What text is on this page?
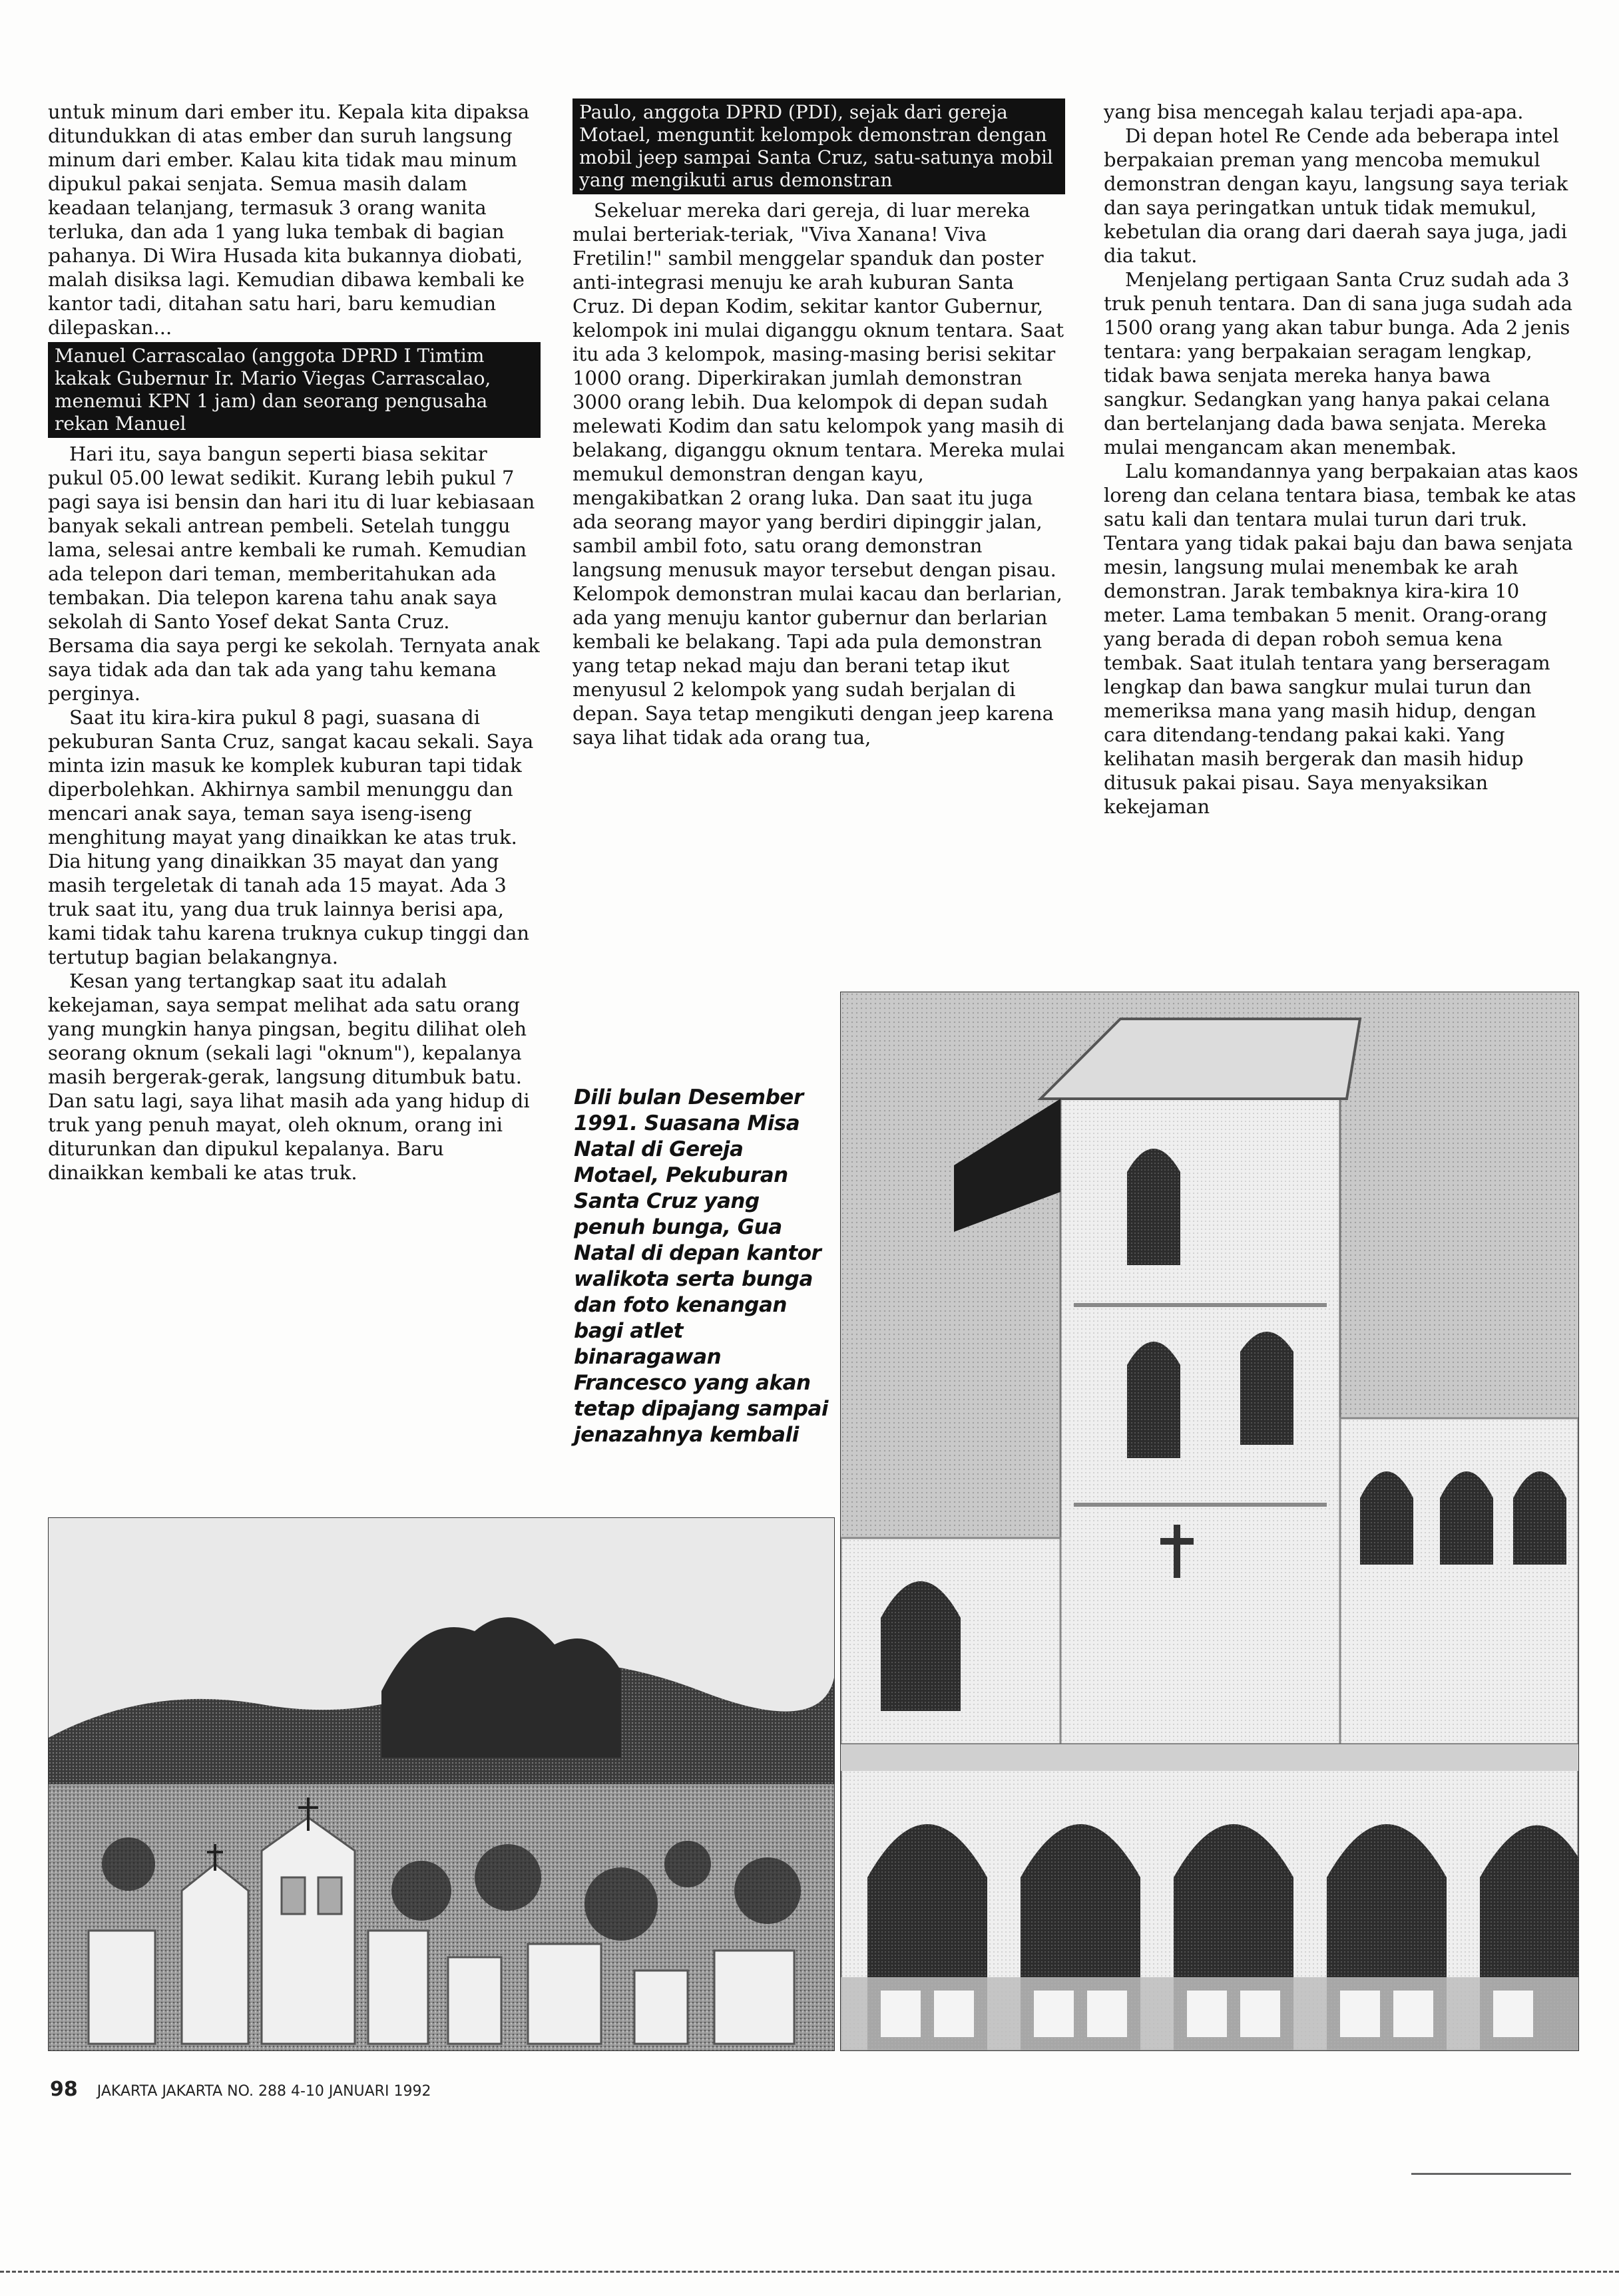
untuk minum dari ember itu. Kepala kita dipaksa ditundukkan di atas ember dan suruh langsung minum dari ember. Kalau kita tidak mau minum dipukul pakai senjata. Semua masih dalam keadaan telanjang, termasuk 3 orang wanita terluka, dan ada 1 yang luka tembak di bagian pahanya. Di Wira Husada kita bukannya diobati, malah disiksa lagi. Kemudian dibawa kembali ke kantor tadi, ditahan satu hari, baru kemudian dilepaskan...

Manuel Carrascalao (anggota DPRD I Timtim kakak Gubernur Ir. Mario Viegas Carrascalao, menemui KPN 1 jam) dan seorang pengusaha rekan Manuel

Hari itu, saya bangun seperti biasa sekitar pukul 05.00 lewat sedikit. Kurang lebih pukul 7 pagi saya isi bensin dan hari itu di luar kebiasaan banyak sekali antrean pembeli. Setelah tunggu lama, selesai antre kembali ke rumah. Kemudian ada telepon dari teman, memberitahukan ada tembakan. Dia telepon karena tahu anak saya sekolah di Santo Yosef dekat Santa Cruz. Bersama dia saya pergi ke sekolah. Ternyata anak saya tidak ada dan tak ada yang tahu kemana perginya.

Saat itu kira-kira pukul 8 pagi, suasana di pekuburan Santa Cruz, sangat kacau sekali. Saya minta izin masuk ke komplek kuburan tapi tidak diperbolehkan. Akhirnya sambil menunggu dan mencari anak saya, teman saya iseng-iseng menghitung mayat yang dinaikkan ke atas truk. Dia hitung yang dinaikkan 35 mayat dan yang masih tergeletak di tanah ada 15 mayat. Ada 3 truk saat itu, yang dua truk lainnya berisi apa, kami tidak tahu karena truknya cukup tinggi dan tertutup bagian belakangnya.

Kesan yang tertangkap saat itu adalah kekejaman, saya sempat melihat ada satu orang yang mungkin hanya pingsan, begitu dilihat oleh seorang oknum (sekali lagi "oknum"), kepalanya masih bergerak-gerak, langsung ditumbuk batu. Dan satu lagi, saya lihat masih ada yang hidup di truk yang penuh mayat, oleh oknum, orang ini diturunkan dan dipukul kepalanya. Baru dinaikkan kembali ke atas truk.

Paulo, anggota DPRD (PDI), sejak dari gereja Motael, menguntit kelompok demonstran dengan mobil jeep sampai Santa Cruz, satu-satunya mobil yang mengikuti arus demonstran

Sekeluar mereka dari gereja, di luar mereka mulai berteriak-teriak, "Viva Xanana! Viva Fretilin!" sambil menggelar spanduk dan poster anti-integrasi menuju ke arah kuburan Santa Cruz. Di depan Kodim, sekitar kantor Gubernur, kelompok ini mulai diganggu oknum tentara. Saat itu ada 3 kelompok, masing-masing berisi sekitar 1000 orang. Diperkirakan jumlah demonstran 3000 orang lebih. Dua kelompok di depan sudah melewati Kodim dan satu kelompok yang masih di belakang, diganggu oknum tentara. Mereka mulai memukul demonstran dengan kayu, mengakibatkan 2 orang luka. Dan saat itu juga ada seorang mayor yang berdiri dipinggir jalan, sambil ambil foto, satu orang demonstran langsung menusuk mayor tersebut dengan pisau. Kelompok demonstran mulai kacau dan berlarian, ada yang menuju kantor gubernur dan berlarian kembali ke belakang. Tapi ada pula demonstran yang tetap nekad maju dan berani tetap ikut menyusul 2 kelompok yang sudah berjalan di depan. Saya tetap mengikuti dengan jeep karena saya lihat tidak ada orang tua,

yang bisa mencegah kalau terjadi apa-apa.

Di depan hotel Re Cende ada beberapa intel berpakaian preman yang mencoba memukul demonstran dengan kayu, langsung saya teriak dan saya peringatkan untuk tidak memukul, kebetulan dia orang dari daerah saya juga, jadi dia takut.

Menjelang pertigaan Santa Cruz sudah ada 3 truk penuh tentara. Dan di sana juga sudah ada 1500 orang yang akan tabur bunga. Ada 2 jenis tentara: yang berpakaian seragam lengkap, tidak bawa senjata mereka hanya bawa sangkur. Sedangkan yang hanya pakai celana dan bertelanjang dada bawa senjata. Mereka mulai mengancam akan menembak.

Lalu komandannya yang berpakaian atas kaos loreng dan celana tentara biasa, tembak ke atas satu kali dan tentara mulai turun dari truk. Tentara yang tidak pakai baju dan bawa senjata mesin, langsung mulai menembak ke arah demonstran. Jarak tembaknya kira-kira 10 meter. Lama tembakan 5 menit. Orang-orang yang berada di depan roboh semua kena tembak. Saat itulah tentara yang berseragam lengkap dan bawa sangkur mulai turun dan memeriksa mana yang masih hidup, dengan cara ditendang-tendang pakai kaki. Yang kelihatan masih bergerak dan masih hidup ditusuk pakai pisau. Saya menyaksikan kekejaman

Dili bulan Desember 1991. Suasana Misa Natal di Gereja Motael, Pekuburan Santa Cruz yang penuh bunga, Gua Natal di depan kantor walikota serta bunga dan foto kenangan bagi atlet binaragawan Francesco yang akan tetap dipajang sampai jenazahnya kembali
98 JAKARTA JAKARTA NO. 288 4-10 JANUARI 1992
